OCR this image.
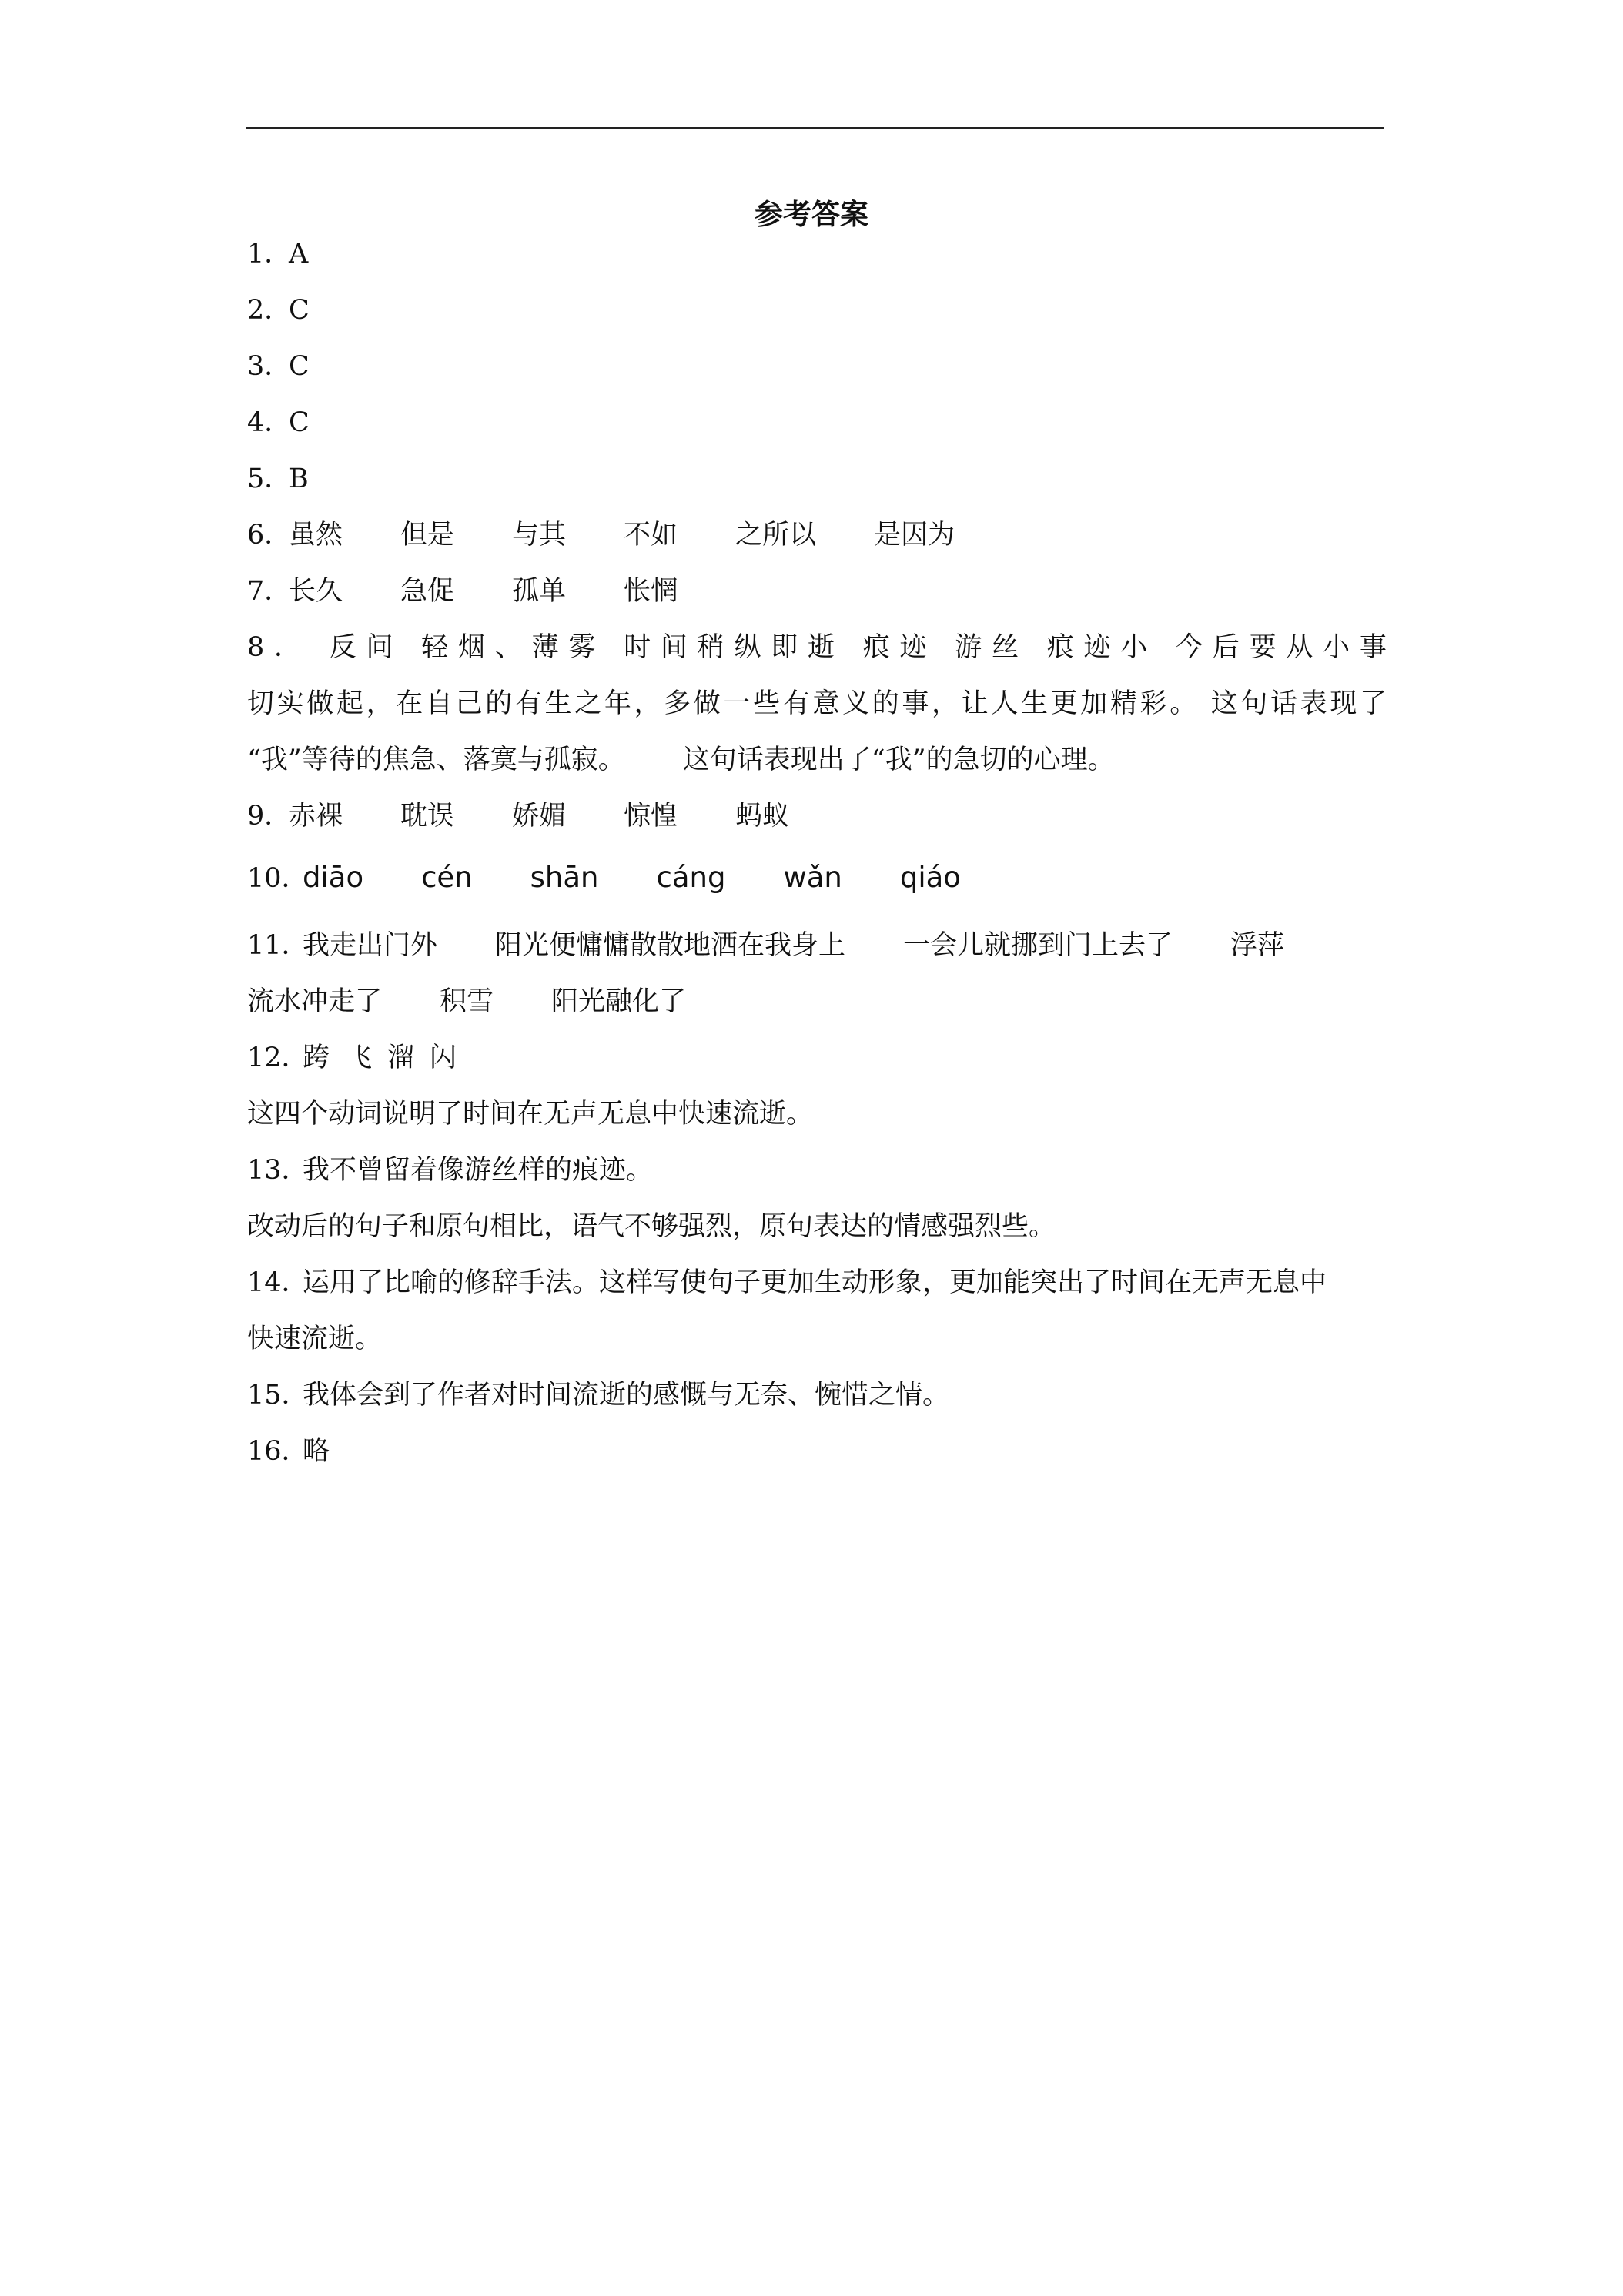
参考答案
1．A
2．C
3．C
4．C
5．B
6．虽然 但是 与其 不如 之所以 是因为
7．长久 急促 孤单 怅惘
8． 反问 轻烟、薄雾 时间稍纵即逝 痕迹 游丝 痕迹小 今后要从小事
切实做起，在自己的有生之年，多做一些有意义的事，让人生更加精彩。 这句话表现了
“我”等待的焦急、落寞与孤寂。 这句话表现出了“我”的急切的心理。
9．赤裸 耽误 娇媚 惊惶 蚂蚁
10．diāo cén shān cáng wǎn qiáo
11．我走出门外 阳光便慵慵散散地洒在我身上 一会儿就挪到门上去了 浮萍
流水冲走了 积雪 阳光融化了
12．跨 飞 溜 闪
这四个动词说明了时间在无声无息中快速流逝。
13．我不曾留着像游丝样的痕迹。
改动后的句子和原句相比，语气不够强烈，原句表达的情感强烈些。
14．运用了比喻的修辞手法。这样写使句子更加生动形象，更加能突出了时间在无声无息中
快速流逝。
15．我体会到了作者对时间流逝的感慨与无奈、惋惜之情。
16．略
